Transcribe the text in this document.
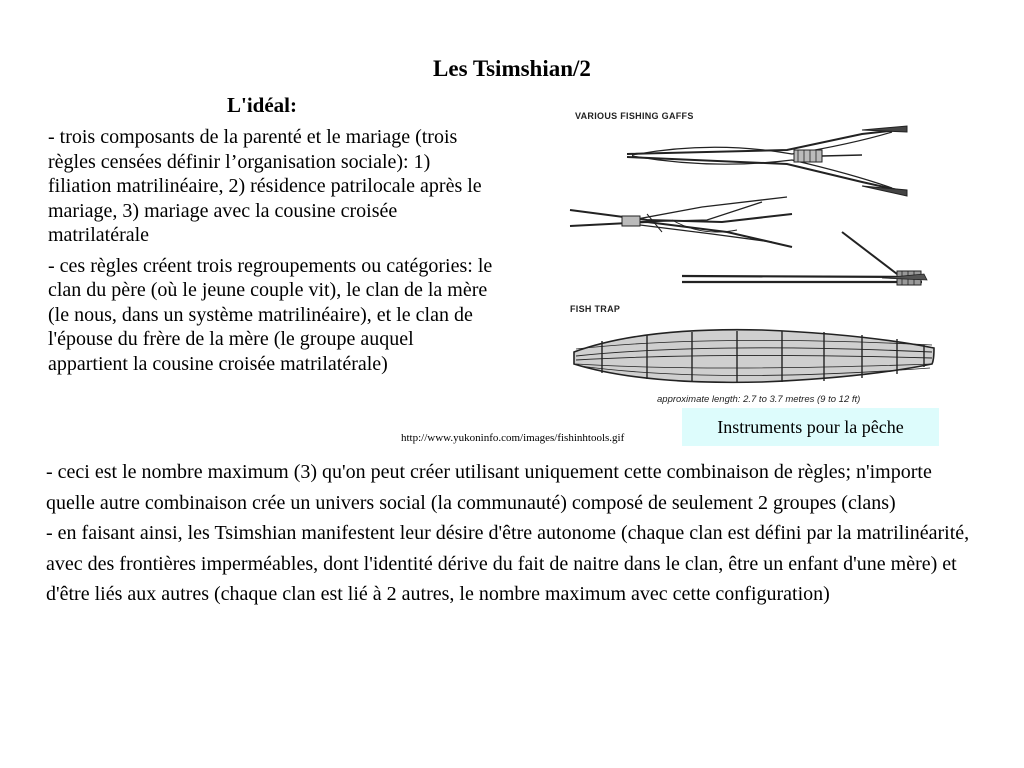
Les Tsimshian/2
L'idéal:

- trois composants de la parenté et le mariage (trois règles censées définir l’organisation sociale): 1) filiation matrilinéaire, 2) résidence patrilocale après le mariage, 3) mariage avec la cousine croisée matrilatérale

- ces règles créent trois regroupements ou catégories: le clan du père (où le jeune couple vit), le clan de la mère (le nous, dans un système matrilinéaire), et le clan de l'épouse du frère de la mère (le groupe auquel appartient la cousine croisée matrilatérale)

VARIOUS FISHING GAFFS
FISH TRAP
approximate length: 2.7 to 3.7 metres (9 to 12 ft)

http://www.yukoninfo.com/images/fishinhtools.gif

Instruments pour la pêche

- ceci est le nombre maximum (3) qu'on peut créer utilisant uniquement cette combinaison de règles; n'importe quelle autre combinaison crée un univers social (la communauté) composé de seulement 2 groupes (clans)

- en faisant ainsi, les Tsimshian manifestent leur désire d'être autonome (chaque clan est défini par la matrilinéarité, avec des frontières imperméables, dont l'identité dérive du fait de naitre dans le clan, être un enfant d'une mère) et d'être liés aux autres (chaque clan est lié à 2 autres, le nombre maximum avec cette configuration)
